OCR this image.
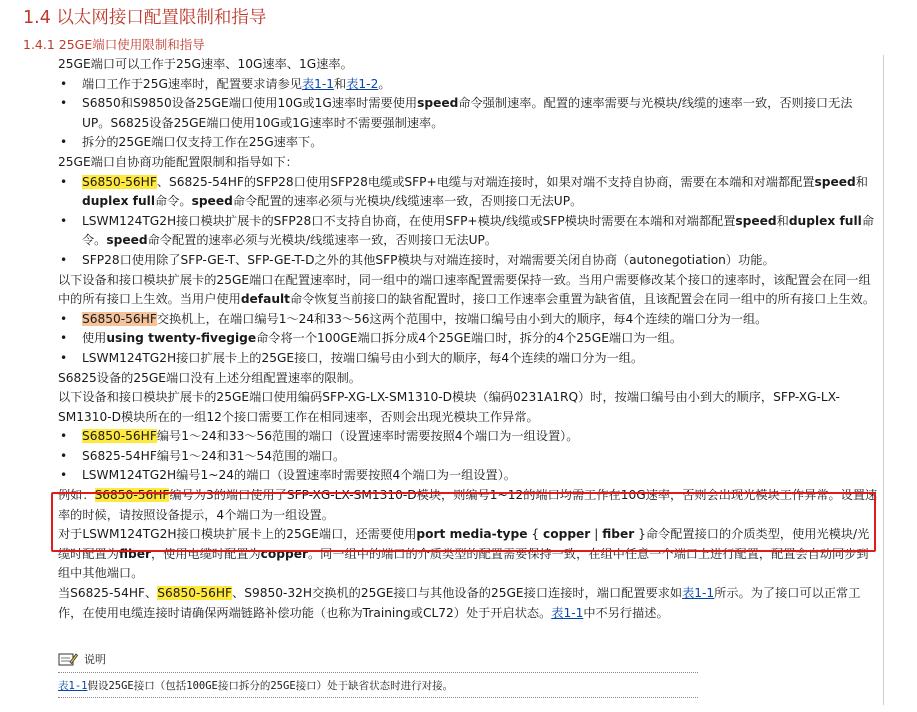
1.4 以太网接口配置限制和指导
1.4.1 25GE端口使用限制和指导

25GE端口可以工作于25G速率、10G速率、1G速率。

• 端口工作于25G速率时，配置要求请参见表1-1和表1-2。

• S6850和S9850设备25GE端口使用10G或1G速率时需要使用speed命令强制速率。配置的速率需要与光模块/线缆的速率一致，否则接口无法UP。S6825设备25GE端口使用10G或1G速率时不需要强制速率。

• 拆分的25GE端口仅支持工作在25G速率下。

25GE端口自协商功能配置限制和指导如下：

• S6850-56HF、S6825-54HF的SFP28口使用SFP28电缆或SFP+电缆与对端连接时，如果对端不支持自协商，需要在本端和对端都配置speed和duplex full命令。speed命令配置的速率必须与光模块/线缆速率一致，否则接口无法UP。

• LSWM124TG2H接口模块扩展卡的SFP28口不支持自协商，在使用SFP+模块/线缆或SFP模块时需要在本端和对端都配置speed和duplex full命令。speed命令配置的速率必须与光模块/线缆速率一致，否则接口无法UP。

• SFP28口使用除了SFP-GE-T、SFP-GE-T-D之外的其他SFP模块与对端连接时，对端需要关闭自协商（autonegotiation）功能。

以下设备和接口模块扩展卡的25GE端口在配置速率时，同一组中的端口速率配置需要保持一致。当用户需要修改某个接口的速率时，该配置会在同一组中的所有接口上生效。当用户使用default命令恢复当前接口的缺省配置时，接口工作速率会重置为缺省值，且该配置会在同一组中的所有接口上生效。

• S6850-56HF交换机上，在端口编号1～24和33～56这两个范围中，按端口编号由小到大的顺序，每4个连续的端口分为一组。

• 使用using twenty-fivegige命令将一个100GE端口拆分成4个25GE端口时，拆分的4个25GE端口为一组。

• LSWM124TG2H接口扩展卡上的25GE接口，按端口编号由小到大的顺序，每4个连续的端口分为一组。

S6825设备的25GE端口没有上述分组配置速率的限制。

以下设备和接口模块扩展卡的25GE端口使用编码SFP-XG-LX-SM1310-D模块（编码0231A1RQ）时，按端口编号由小到大的顺序，SFP-XG-LX-SM1310-D模块所在的一组12个接口需要工作在相同速率，否则会出现光模块工作异常。

• S6850-56HF编号1～24和33～56范围的端口（设置速率时需要按照4个端口为一组设置）。

• S6825-54HF编号1～24和31～54范围的端口。

• LSWM124TG2H编号1~24的端口（设置速率时需要按照4个端口为一组设置）。

例如：S6850-56HF编号为3的端口使用了SFP-XG-LX-SM1310-D模块，则编号1~12的端口均需工作在10G速率，否则会出现光模块工作异常。设置速率的时候，请按照设备提示，4个端口为一组设置。

对于LSWM124TG2H接口模块扩展卡上的25GE端口，还需要使用port media-type { copper | fiber }命令配置接口的介质类型，使用光模块/光缆时配置为fiber，使用电缆时配置为copper。同一组中的端口的介质类型的配置需要保持一致，在组中任意一个端口上进行配置，配置会自动同步到组中其他端口。

当S6825-54HF、S6850-56HF、S9850-32H交换机的25GE接口与其他设备的25GE接口连接时，端口配置要求如表1-1所示。为了接口可以正常工作，在使用电缆连接时请确保两端链路补偿功能（也称为Training或CL72）处于开启状态。表1-1中不另行描述。

说明
表1-1假设25GE接口（包括100GE接口拆分的25GE接口）处于缺省状态时进行对接。
